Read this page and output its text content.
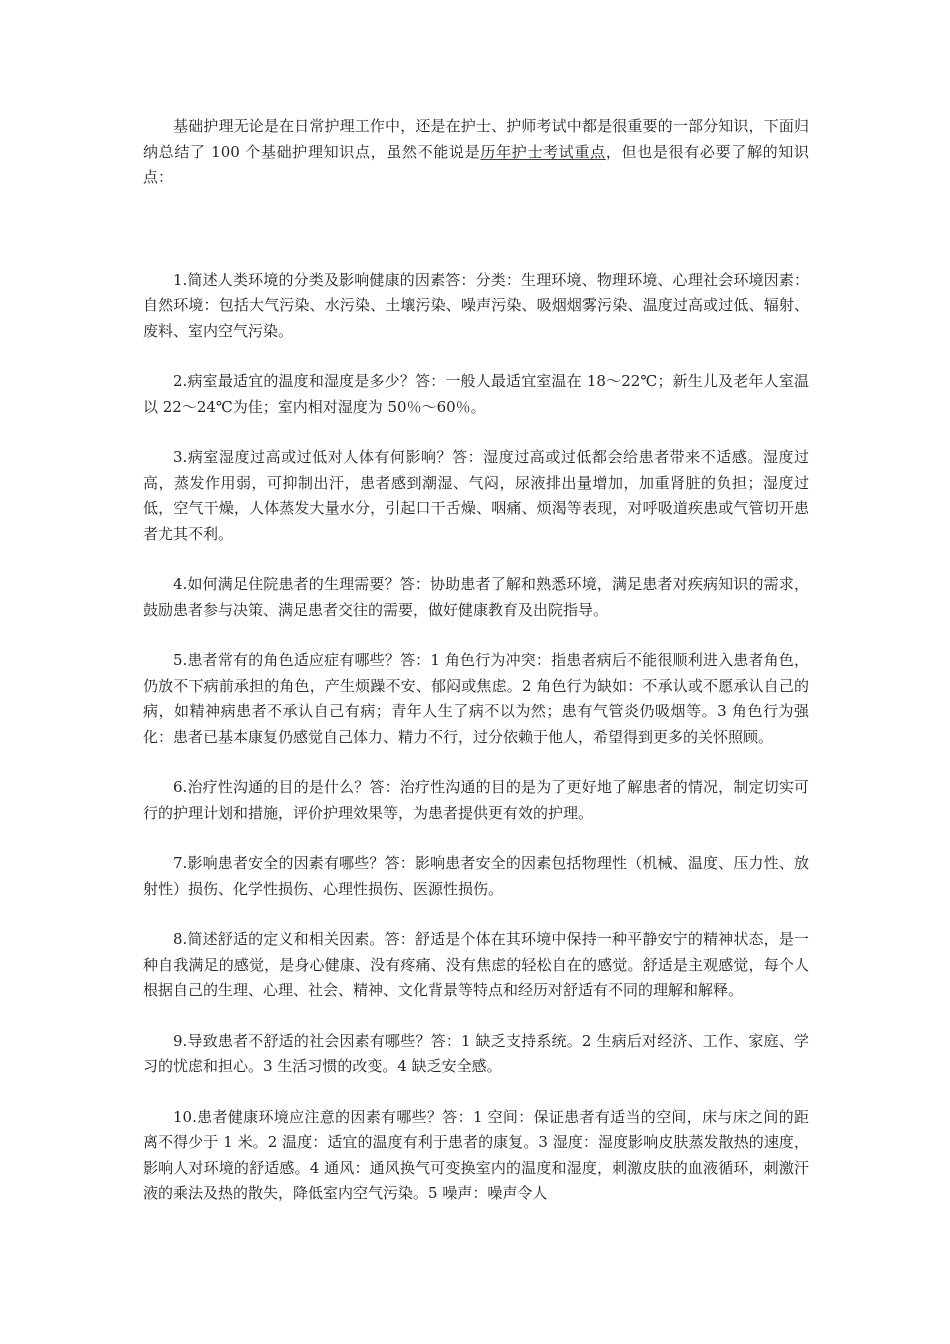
基础护理无论是在日常护理工作中，还是在护士、护师考试中都是很重要的一部分知识，下面归纳总结了 100 个基础护理知识点，虽然不能说是历年护士考试重点，但也是很有必要了解的知识点：

1.简述人类环境的分类及影响健康的因素答：分类：生理环境、物理环境、心理社会环境因素：自然环境：包括大气污染、水污染、土壤污染、噪声污染、吸烟烟雾污染、温度过高或过低、辐射、废料、室内空气污染。

2.病室最适宜的温度和湿度是多少？答：一般人最适宜室温在 18～22℃；新生儿及老年人室温以 22～24℃为佳；室内相对湿度为 50％～60％。

3.病室湿度过高或过低对人体有何影响？答：湿度过高或过低都会给患者带来不适感。湿度过高，蒸发作用弱，可抑制出汗，患者感到潮湿、气闷，尿液排出量增加，加重肾脏的负担；湿度过低，空气干燥，人体蒸发大量水分，引起口干舌燥、咽痛、烦渴等表现，对呼吸道疾患或气管切开患者尤其不利。

4.如何满足住院患者的生理需要？答：协助患者了解和熟悉环境，满足患者对疾病知识的需求，鼓励患者参与决策、满足患者交往的需要，做好健康教育及出院指导。

5.患者常有的角色适应症有哪些？答：1 角色行为冲突：指患者病后不能很顺利进入患者角色，仍放不下病前承担的角色，产生烦躁不安、郁闷或焦虑。2 角色行为缺如：不承认或不愿承认自己的病，如精神病患者不承认自己有病；青年人生了病不以为然；患有气管炎仍吸烟等。3 角色行为强化：患者已基本康复仍感觉自己体力、精力不行，过分依赖于他人，希望得到更多的关怀照顾。

6.治疗性沟通的目的是什么？答：治疗性沟通的目的是为了更好地了解患者的情况，制定切实可行的护理计划和措施，评价护理效果等，为患者提供更有效的护理。

7.影响患者安全的因素有哪些？答：影响患者安全的因素包括物理性（机械、温度、压力性、放射性）损伤、化学性损伤、心理性损伤、医源性损伤。

8.简述舒适的定义和相关因素。答：舒适是个体在其环境中保持一种平静安宁的精神状态，是一种自我满足的感觉，是身心健康、没有疼痛、没有焦虑的轻松自在的感觉。舒适是主观感觉，每个人根据自己的生理、心理、社会、精神、文化背景等特点和经历对舒适有不同的理解和解释。

9.导致患者不舒适的社会因素有哪些？答：1 缺乏支持系统。2 生病后对经济、工作、家庭、学习的忧虑和担心。3 生活习惯的改变。4 缺乏安全感。

10.患者健康环境应注意的因素有哪些？答：1 空间：保证患者有适当的空间，床与床之间的距离不得少于 1 米。2 温度：适宜的温度有利于患者的康复。3 湿度：湿度影响皮肤蒸发散热的速度，影响人对环境的舒适感。4 通风：通风换气可变换室内的温度和湿度，刺激皮肤的血液循环，刺激汗液的乘法及热的散失，降低室内空气污染。5 噪声：噪声令人
